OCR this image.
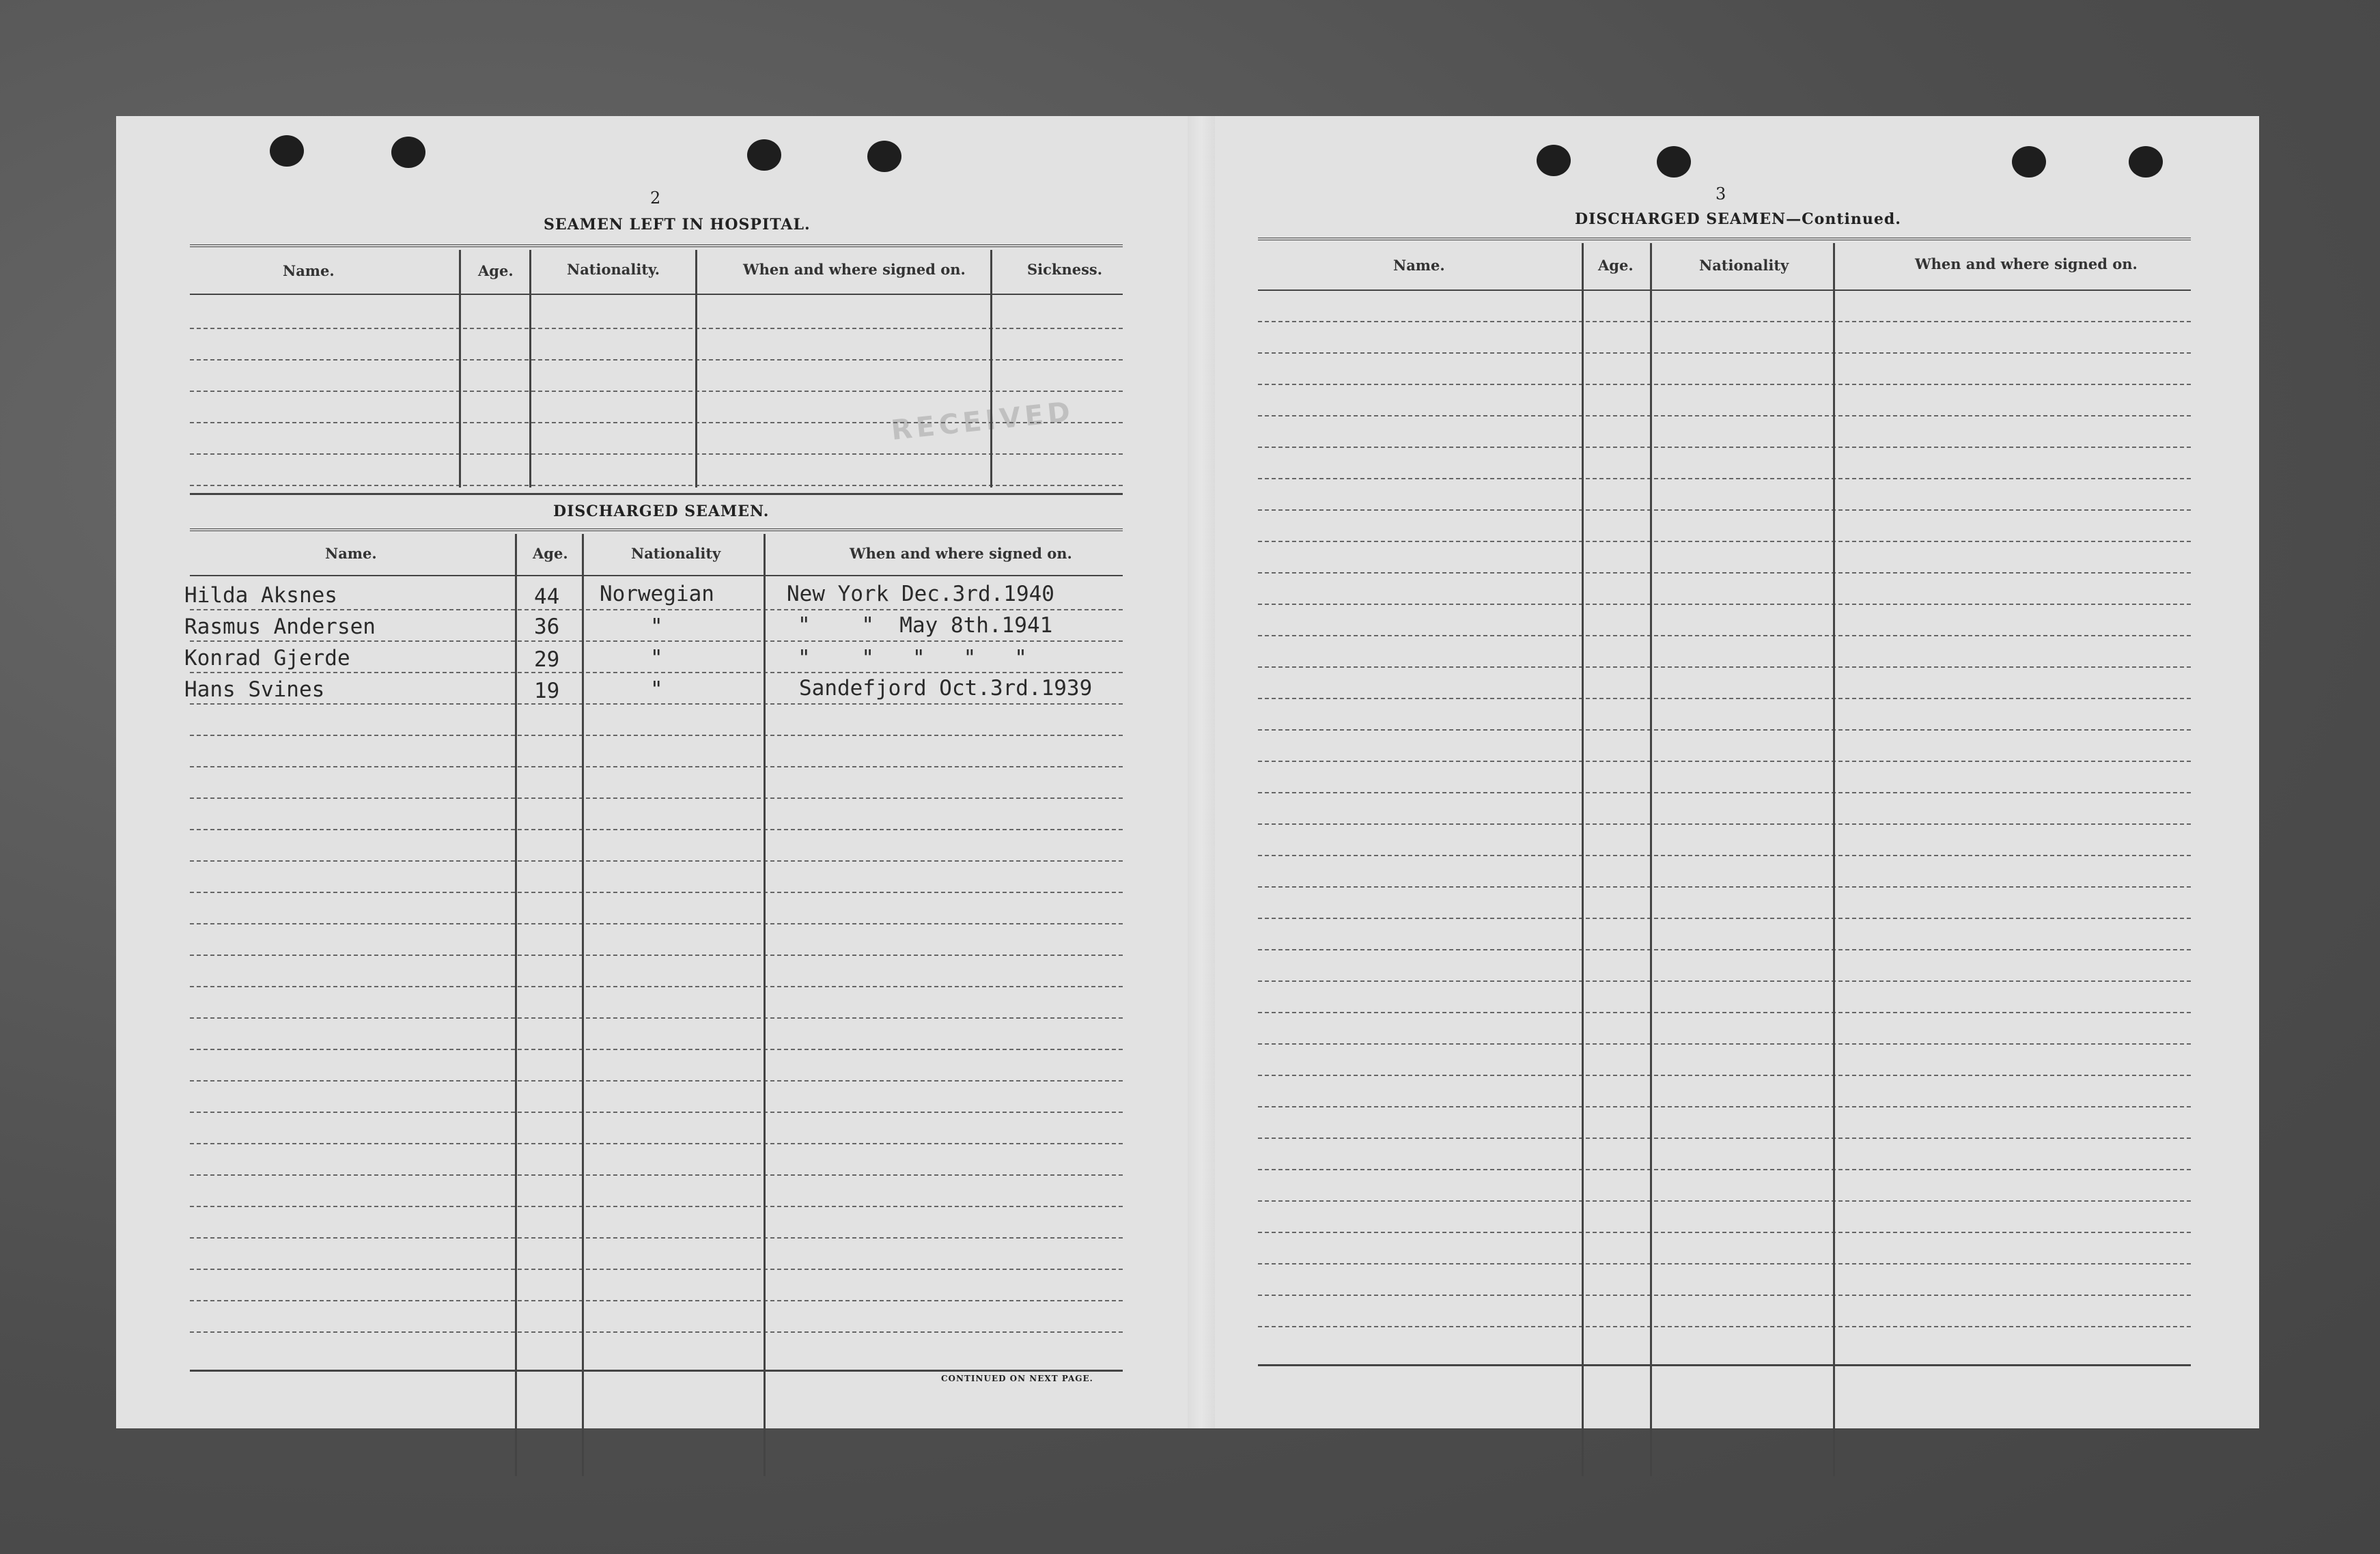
RECEIVED
2
SEAMEN LEFT IN HOSPITAL.
Name.	Age.	Nationality.	When and where signed on.	Sickness.
DISCHARGED SEAMEN.
Name.	Age.	Nationality	When and where signed on.
Hilda Aksnes	44 Norwegian	New York Dec.3rd.1940
Rasmus Andersen	36	"	"    "  May 8th.1941
Konrad Gjerde	29	"	"    "   "   "   "
Hans Svines	19	"	Sandefjord Oct.3rd.1939
CONTINUED ON NEXT PAGE.
3
DISCHARGED SEAMEN—Continued.
Name.	Age.	Nationality	When and where signed on.
